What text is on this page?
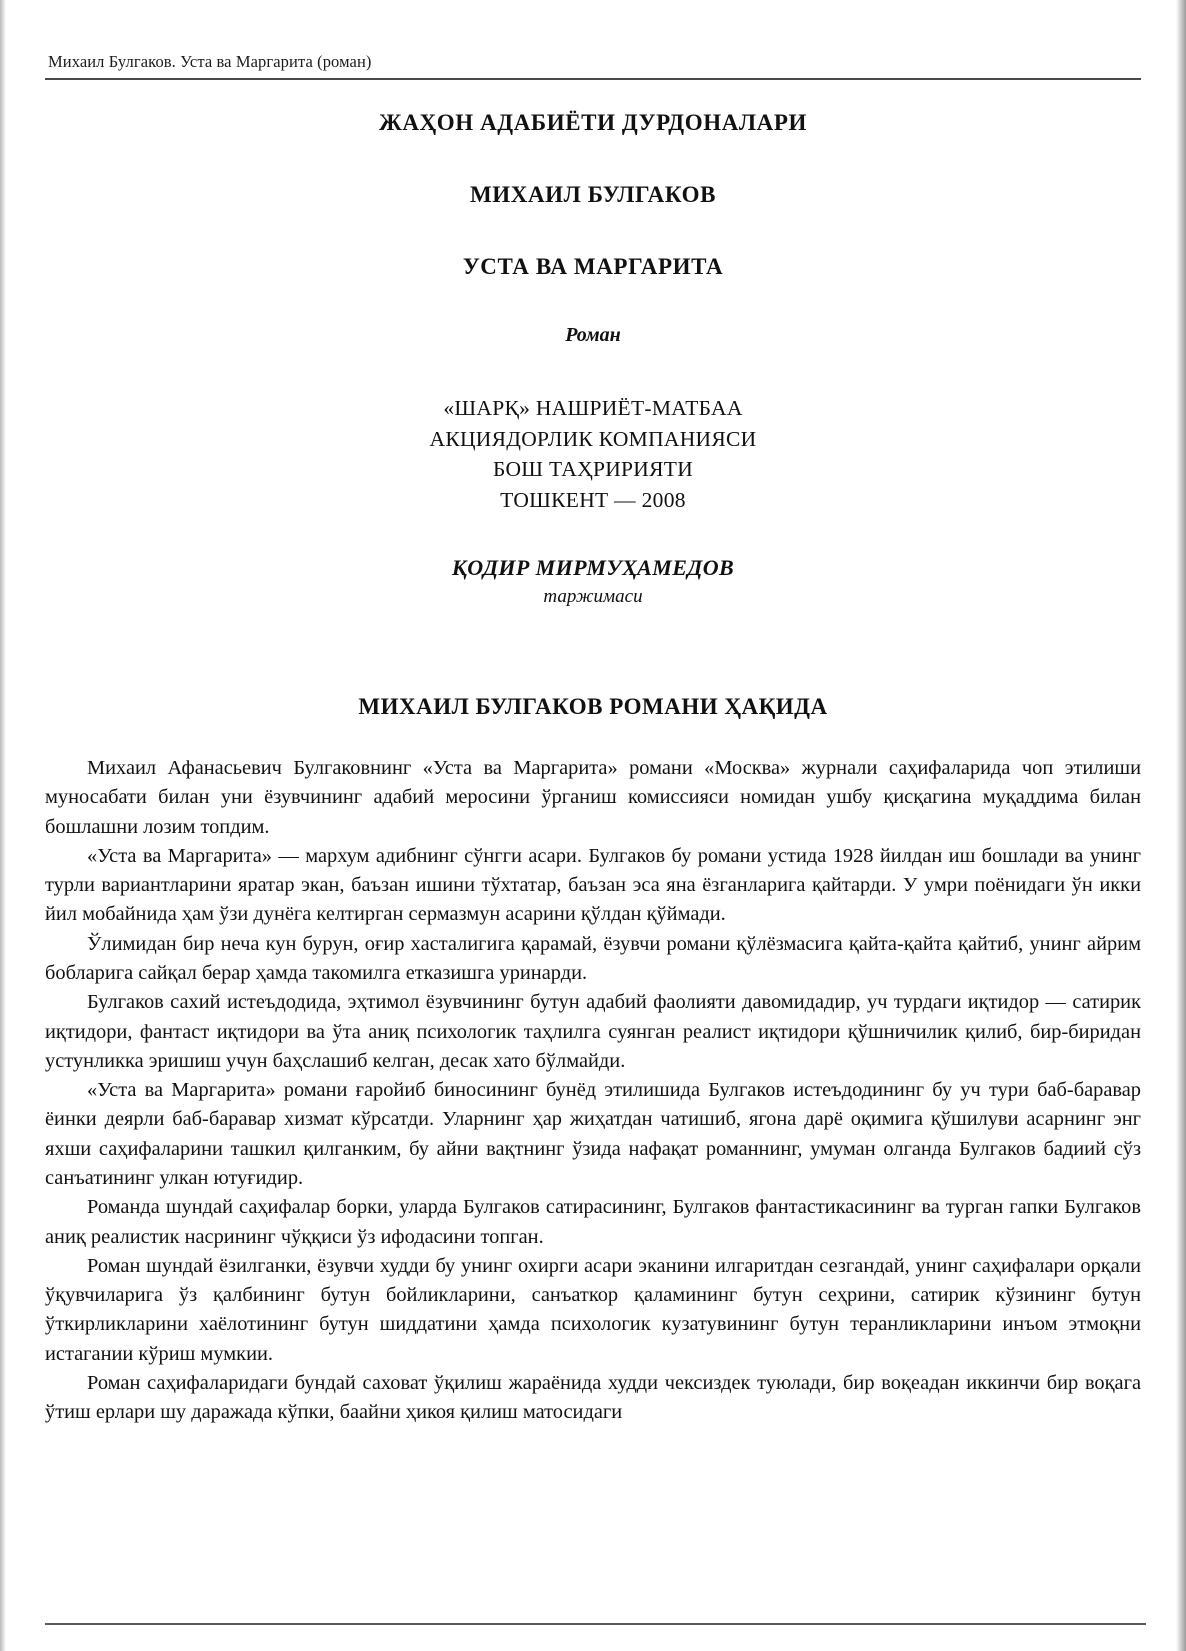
Михаил Булгаков. Уста ва Маргарита (роман)
ЖАҲОН АДАБИЁТИ ДУРДОНАЛАРИ
МИХАИЛ БУЛГАКОВ
УСТА ВА МАРГАРИТА
Роман
«ШАРҚ» НАШРИЁТ-МАТБАА
АКЦИЯДОРЛИК КОМПАНИЯСИ
БОШ ТАҲРИРИЯТИ
ТОШКЕНТ — 2008
ҚОДИР МИРМУҲАМЕДОВ
таржимаси
МИХАИЛ БУЛГАКОВ РОМАНИ ҲАҚИДА

Михаил Афанасьевич Булгаковнинг «Уста ва Маргарита» романи «Москва» журнали саҳифаларида чоп этилиши муносабати билан уни ёзувчининг адабий меросини ўрганиш комиссияси номидан ушбу қисқагина муқаддима билан бошлашни лозим топдим.

«Уста ва Маргарита» — мархум адибнинг сўнгги асари. Булгаков бу романи устида 1928 йилдан иш бошлади ва унинг турли вариантларини яратар экан, баъзан ишини тўхтатар, баъзан эса яна ёзганларига қайтарди. У умри поёнидаги ўн икки йил мобайнида ҳам ўзи дунёга келтирган сермазмун асарини қўлдан қўймади.

Ўлимидан бир неча кун бурун, оғир хасталигига қарамай, ёзувчи романи қўлёзмасига қайта-қайта қайтиб, унинг айрим бобларига сайқал берар ҳамда такомилга етказишга уринарди.

Булгаков сахий истеъдодида, эҳтимол ёзувчининг бутун адабий фаолияти давомидадир, уч турдаги иқтидор — сатирик иқтидори, фантаст иқтидори ва ўта аниқ психологик таҳлилга суянган реалист иқтидори қўшничилик қилиб, бир-биридан устунликка эришиш учун баҳслашиб келган, десак хато бўлмайди.

«Уста ва Маргарита» романи ғаройиб биносининг бунёд этилишида Булгаков истеъдодининг бу уч тури баб-баравар ёинки деярли баб-баравар хизмат кўрсатди. Уларнинг ҳар жиҳатдан чатишиб, ягона дарё оқимига қўшилуви асарнинг энг яхши саҳифаларини ташкил қилганким, бу айни вақтнинг ўзида нафақат романнинг, умуман олганда Булгаков бадиий сўз санъатининг улкан ютуғидир.

Романда шундай саҳифалар борки, уларда Булгаков сатирасининг, Булгаков фантастикасининг ва турган гапки Булгаков аниқ реалистик насрининг чўққиси ўз ифодасини топган.

Роман шундай ёзилганки, ёзувчи худди бу унинг охирги асари эканини илгаритдан сезгандай, унинг саҳифалари орқали ўқувчиларига ўз қалбининг бутун бойликларини, санъаткор қаламининг бутун сеҳрини, сатирик кўзининг бутун ўткирликларини хаёлотининг бутун шиддатини ҳамда психологик кузатувининг бутун теранликларини инъом этмоқни истагании кўриш мумкии.

Роман саҳифаларидаги бундай саховат ўқилиш жараёнида худди чексиздек туюлади, бир воқеадан иккинчи бир воқага ўтиш ерлари шу даражада кўпки, баайни ҳикоя қилиш матосидаги
